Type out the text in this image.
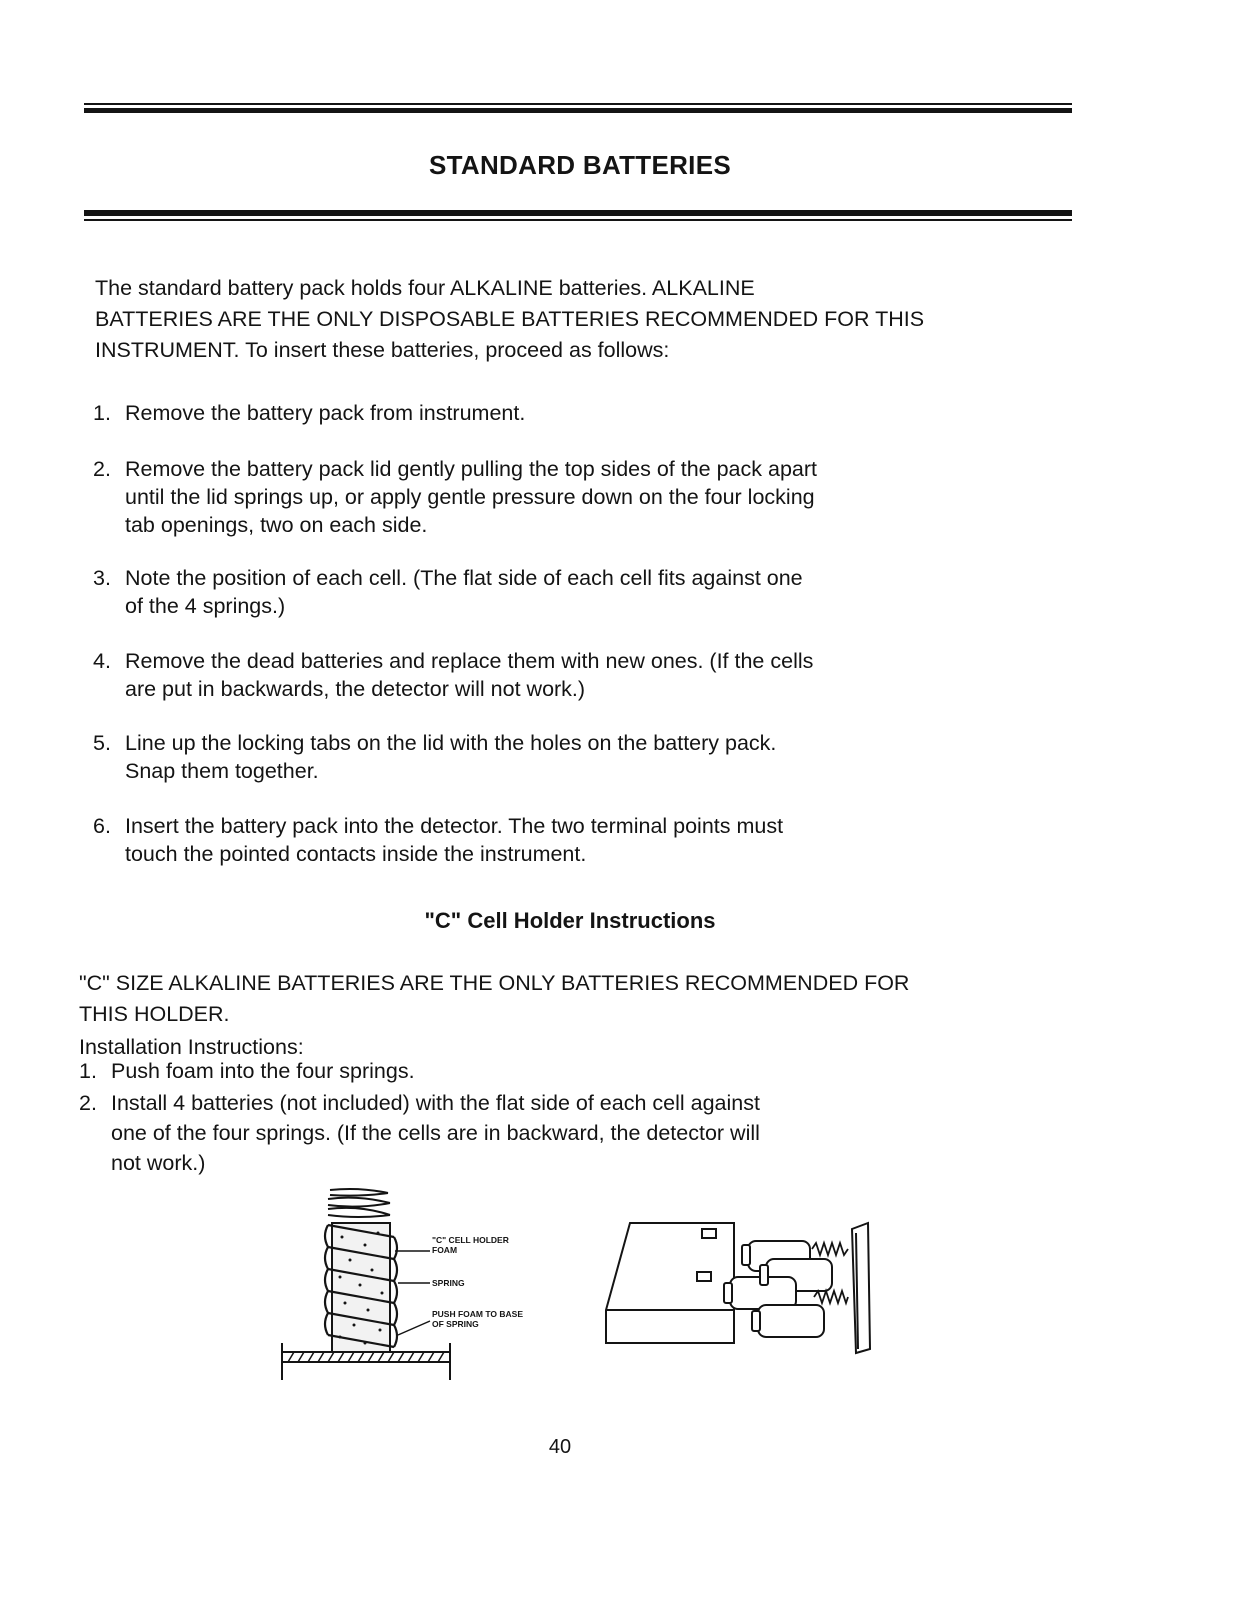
STANDARD BATTERIES
The standard battery pack holds four ALKALINE batteries. ALKALINE
BATTERIES ARE THE ONLY DISPOSABLE BATTERIES RECOMMENDED FOR THIS
INSTRUMENT. To insert these batteries, proceed as follows:
1. Remove the battery pack from instrument.
2. Remove the battery pack lid gently pulling the top sides of the pack apart
until the lid springs up, or apply gentle pressure down on the four locking
tab openings, two on each side.
3. Note the position of each cell. (The flat side of each cell fits against one
of the 4 springs.)
4. Remove the dead batteries and replace them with new ones. (If the cells
are put in backwards, the detector will not work.)
5. Line up the locking tabs on the lid with the holes on the battery pack.
Snap them together.
6. Insert the battery pack into the detector. The two terminal points must
touch the pointed contacts inside the instrument.
"C" Cell Holder Instructions
"C" SIZE ALKALINE BATTERIES ARE THE ONLY BATTERIES RECOMMENDED FOR
THIS HOLDER.
Installation Instructions:
1. Push foam into the four springs.
2. Install 4 batteries (not included) with the flat side of each cell against
one of the four springs. (If the cells are in backward, the detector will
not work.)
"C" CELL HOLDER
FOAM
SPRING
PUSH FOAM TO BASE
OF SPRING
40
